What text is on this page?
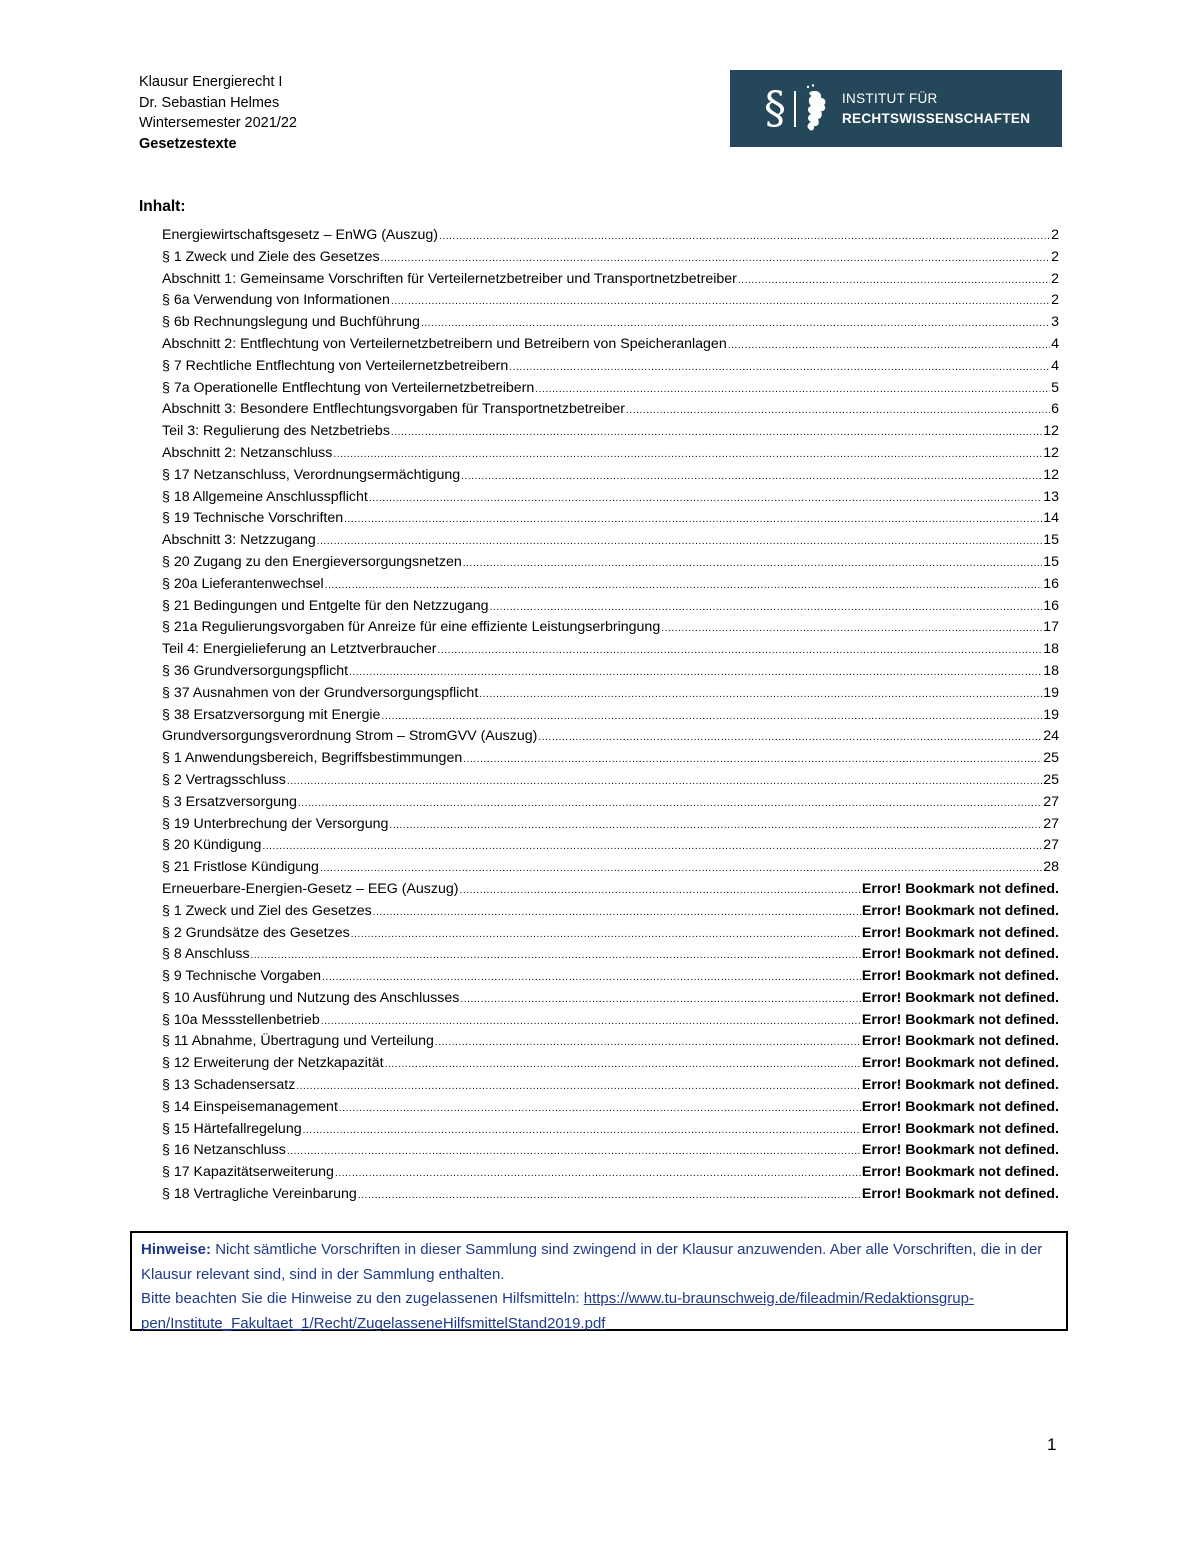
Klausur Energierecht I
Dr. Sebastian Helmes
Wintersemester 2021/22
Gesetzestexte
§	INSTITUT FÜR
RECHTSWISSENSCHAFTEN
Inhalt:
Energiewirtschaftsgesetz – EnWG (Auszug) .....	2
§ 1 Zweck und Ziele des Gesetzes .....	2
Abschnitt 1: Gemeinsame Vorschriften für Verteilernetzbetreiber und Transportnetzbetreiber .....	2
§ 6a Verwendung von Informationen .....	2
§ 6b Rechnungslegung und Buchführung .....	3
Abschnitt 2: Entflechtung von Verteilernetzbetreibern und Betreibern von Speicheranlagen .....	4
§ 7 Rechtliche Entflechtung von Verteilernetzbetreibern .....	4
§ 7a Operationelle Entflechtung von Verteilernetzbetreibern .....	5
Abschnitt 3: Besondere Entflechtungsvorgaben für Transportnetzbetreiber .....	6
Teil 3: Regulierung des Netzbetriebs .....	12
Abschnitt 2: Netzanschluss .....	12
§ 17 Netzanschluss, Verordnungsermächtigung .....	12
§ 18 Allgemeine Anschlusspflicht .....	13
§ 19 Technische Vorschriften .....	14
Abschnitt 3: Netzzugang .....	15
§ 20 Zugang zu den Energieversorgungsnetzen .....	15
§ 20a Lieferantenwechsel .....	16
§ 21 Bedingungen und Entgelte für den Netzzugang .....	16
§ 21a Regulierungsvorgaben für Anreize für eine effiziente Leistungserbringung .....	17
Teil 4: Energielieferung an Letztverbraucher .....	18
§ 36 Grundversorgungspflicht .....	18
§ 37 Ausnahmen von der Grundversorgungspflicht .....	19
§ 38 Ersatzversorgung mit Energie .....	19
Grundversorgungsverordnung Strom – StromGVV (Auszug) .....	24
§ 1 Anwendungsbereich, Begriffsbestimmungen .....	25
§ 2 Vertragsschluss .....	25
§ 3 Ersatzversorgung .....	27
§ 19 Unterbrechung der Versorgung .....	27
§ 20 Kündigung .....	27
§ 21 Fristlose Kündigung .....	28
Erneuerbare-Energien-Gesetz – EEG (Auszug) .....	Error! Bookmark not defined.
§ 1 Zweck und Ziel des Gesetzes .....	Error! Bookmark not defined.
§ 2 Grundsätze des Gesetzes .....	Error! Bookmark not defined.
§ 8 Anschluss .....	Error! Bookmark not defined.
§ 9 Technische Vorgaben .....	Error! Bookmark not defined.
§ 10 Ausführung und Nutzung des Anschlusses .....	Error! Bookmark not defined.
§ 10a Messstellenbetrieb .....	Error! Bookmark not defined.
§ 11 Abnahme, Übertragung und Verteilung .....	Error! Bookmark not defined.
§ 12 Erweiterung der Netzkapazität .....	Error! Bookmark not defined.
§ 13 Schadensersatz .....	Error! Bookmark not defined.
§ 14 Einspeisemanagement .....	Error! Bookmark not defined.
§ 15 Härtefallregelung .....	Error! Bookmark not defined.
§ 16 Netzanschluss .....	Error! Bookmark not defined.
§ 17 Kapazitätserweiterung .....	Error! Bookmark not defined.
§ 18 Vertragliche Vereinbarung .....	Error! Bookmark not defined.
Hinweise: Nicht sämtliche Vorschriften in dieser Sammlung sind zwingend in der Klausur anzuwenden. Aber alle Vorschriften, die in der Klausur relevant sind, sind in der Sammlung enthalten.
Bitte beachten Sie die Hinweise zu den zugelassenen Hilfsmitteln: https://www.tu-braunschweig.de/fileadmin/Redaktionsgrup-pen/Institute_Fakultaet_1/Recht/ZugelasseneHilfsmittelStand2019.pdf
1
